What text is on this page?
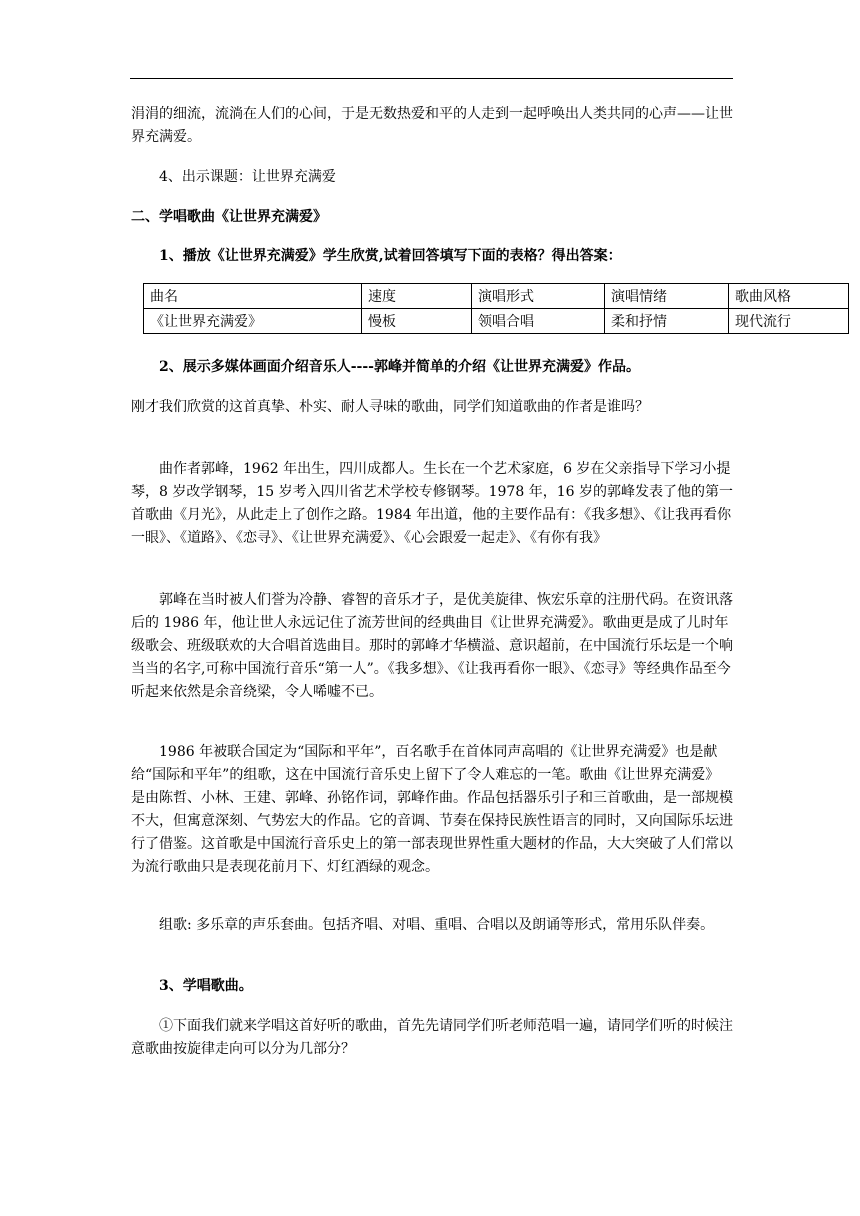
涓涓的细流，流淌在人们的心间，于是无数热爱和平的人走到一起呼唤出人类共同的心声——让世界充满爱。

4、出示课题：让世界充满爱

二、学唱歌曲《让世界充满爱》

1、播放《让世界充满爱》学生欣赏,试着回答填写下面的表格？得出答案：

曲名	速度	演唱形式	演唱情绪	歌曲风格
《让世界充满爱》	慢板	领唱合唱	柔和抒情	现代流行

2、展示多媒体画面介绍音乐人----郭峰并简单的介绍《让世界充满爱》作品。

刚才我们欣赏的这首真挚、朴实、耐人寻味的歌曲，同学们知道歌曲的作者是谁吗？

曲作者郭峰，1962 年出生，四川成都人。生长在一个艺术家庭，6 岁在父亲指导下学习小提琴，8 岁改学钢琴，15 岁考入四川省艺术学校专修钢琴。1978 年，16 岁的郭峰发表了他的第一首歌曲《月光》，从此走上了创作之路。1984 年出道，他的主要作品有：《我多想》、《让我再看你一眼》、《道路》、《恋寻》、《让世界充满爱》、《心会跟爱一起走》、《有你有我》

郭峰在当时被人们誉为冷静、睿智的音乐才子，是优美旋律、恢宏乐章的注册代码。在资讯落后的 1986 年，他让世人永远记住了流芳世间的经典曲目《让世界充满爱》。歌曲更是成了儿时年级歌会、班级联欢的大合唱首选曲目。那时的郭峰才华横溢、意识超前，在中国流行乐坛是一个响当当的名字,可称中国流行音乐“第一人”。《我多想》、《让我再看你一眼》、《恋寻》等经典作品至今听起来依然是余音绕梁，令人唏嘘不已。

1986 年被联合国定为“国际和平年”，百名歌手在首体同声高唱的《让世界充满爱》也是献给“国际和平年”的组歌，这在中国流行音乐史上留下了令人难忘的一笔。歌曲《让世界充满爱》是由陈哲、小林、王建、郭峰、孙铭作词，郭峰作曲。作品包括器乐引子和三首歌曲，是一部规模不大，但寓意深刻、气势宏大的作品。它的音调、节奏在保持民族性语言的同时，又向国际乐坛进行了借鉴。这首歌是中国流行音乐史上的第一部表现世界性重大题材的作品，大大突破了人们常以为流行歌曲只是表现花前月下、灯红酒绿的观念。

组歌: 多乐章的声乐套曲。包括齐唱、对唱、重唱、合唱以及朗诵等形式，常用乐队伴奏。

3、学唱歌曲。

①下面我们就来学唱这首好听的歌曲，首先先请同学们听老师范唱一遍，请同学们听的时候注意歌曲按旋律走向可以分为几部分？
